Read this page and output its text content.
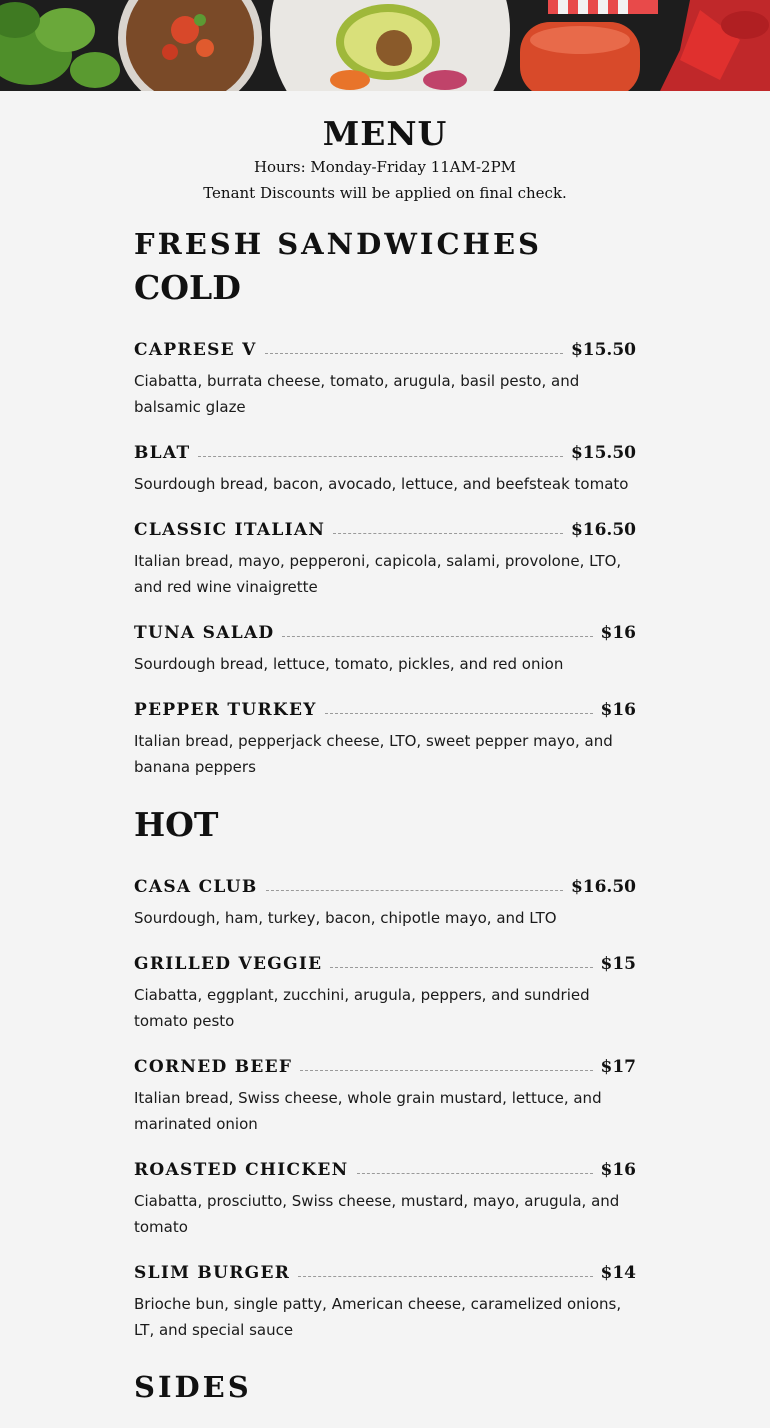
MENU

Hours: Monday-Friday 11AM-2PM

Tenant Discounts will be applied on final check.

FRESH SANDWICHES
COLD
CAPRESE V	$15.50

Ciabatta, burrata cheese, tomato, arugula, basil pesto, and balsamic glaze

BLAT	$15.50

Sourdough bread, bacon, avocado, lettuce, and beefsteak tomato

CLASSIC ITALIAN	$16.50

Italian bread, mayo, pepperoni, capicola, salami, provolone, LTO, and red wine vinaigrette

TUNA SALAD	$16

Sourdough bread, lettuce, tomato, pickles, and red onion

PEPPER TURKEY	$16

Italian bread, pepperjack cheese, LTO, sweet pepper mayo, and banana peppers

HOT
CASA CLUB	$16.50

Sourdough, ham, turkey, bacon, chipotle mayo, and LTO

GRILLED VEGGIE	$15

Ciabatta, eggplant, zucchini, arugula, peppers, and sundried tomato pesto

CORNED BEEF	$17

Italian bread, Swiss cheese, whole grain mustard, lettuce, and marinated onion

ROASTED CHICKEN	$16

Ciabatta, prosciutto, Swiss cheese, mustard, mayo, arugula, and tomato

SLIM BURGER	$14

Brioche bun, single patty, American cheese, caramelized onions, LT, and special sauce

SIDES
